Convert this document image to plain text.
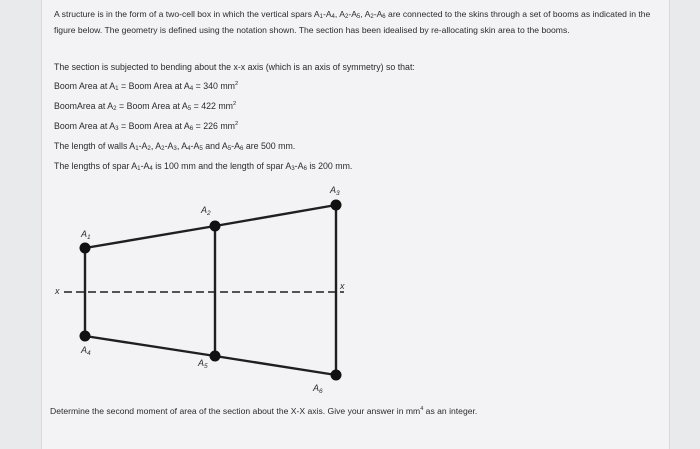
A structure is in the form of a two-cell box in which the vertical spars $A_1-A_4$, $A_2-A_5$, $A_2-A_6$ are connected to the skins through a set of booms as indicated in the figure below. The geometry is defined using the notation shown. The section has been idealised by re-allocating skin area to the booms.
The section is subjected to bending about the x-x axis (which is an axis of symmetry) so that:
Boom Area at $A_1$ = Boom Area at $A_4 = 340$ $mm^2$
BoomArea at $A_2$ = Boom Area at $A_5 = 422$ $mm^2$
Boom Area at $A_3$ = Boom Area at $A_6 = 226$ $mm^2$
The length of walls $A_1-A_2$, $A_2-A_3$, $A_4-A_5$ and $A_5-A_6$ are 500 mm.
The lengths of spar $A_1-A_4$ is 100 mm and the length of spar $A_3-A_6$ is 200 mm.
$A_3$
$A_2$
$A_1$
$A_4$
$A_5$
$A_6$
x	x
Determine the second moment of area of the section about the X-X axis. Give your answer in $mm^4$ as an integer.
